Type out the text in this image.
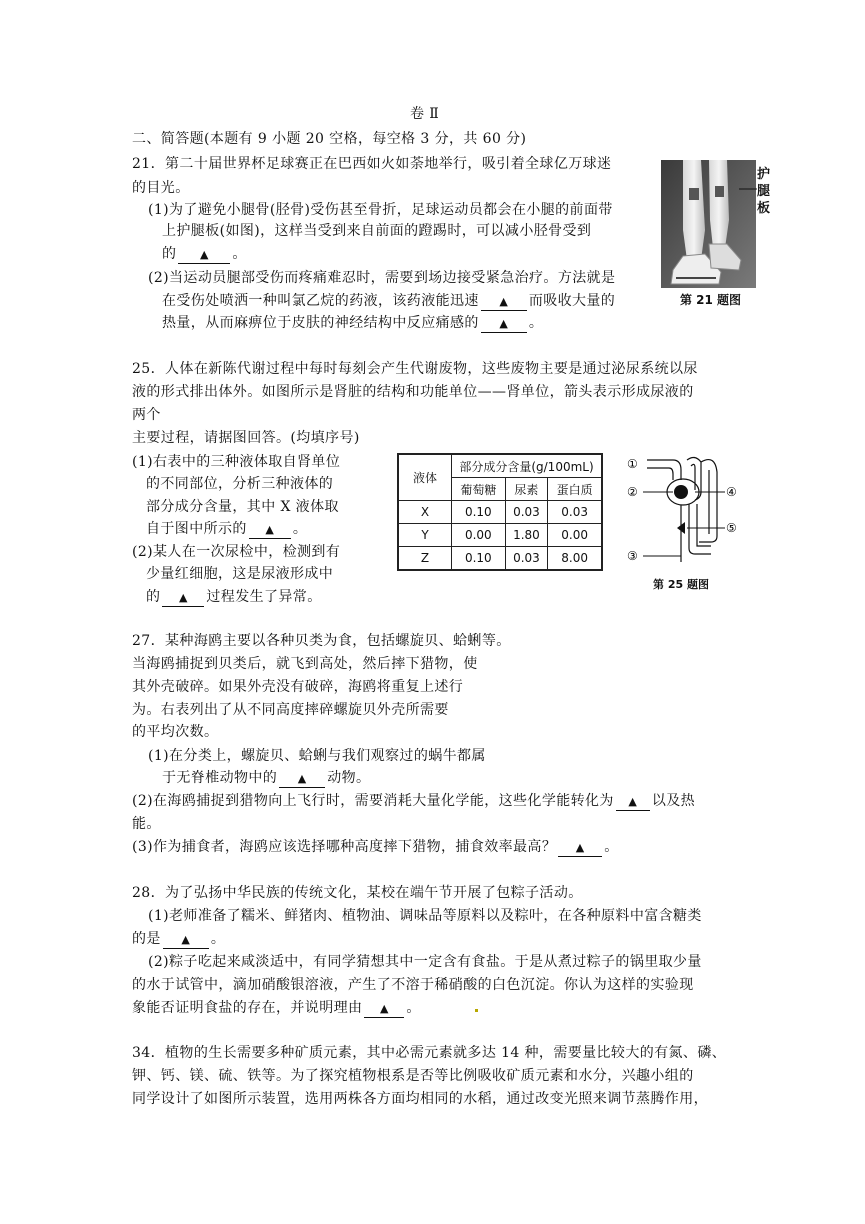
卷 Ⅱ
二、简答题(本题有 9 小题 20 空格，每空格 3 分，共 60 分)
21．第二十届世界杯足球赛正在巴西如火如荼地举行，吸引着全球亿万球迷
的目光。
(1)为了避免小腿骨(胫骨)受伤甚至骨折，足球运动员都会在小腿的前面带
上护腿板(如图)，这样当受到来自前面的蹬踢时，可以减小胫骨受到
的 ▲ 。
(2)当运动员腿部受伤而疼痛难忍时，需要到场边接受紧急治疗。方法就是
在受伤处喷洒一种叫氯乙烷的药液，该药液能迅速 ▲ 而吸收大量的
热量，从而麻痹位于皮肤的神经结构中反应痛感的 ▲ 。
护腿板
第 21 题图
25．人体在新陈代谢过程中每时每刻会产生代谢废物，这些废物主要是通过泌尿系统以尿
液的形式排出体外。如图所示是肾脏的结构和功能单位——肾单位，箭头表示形成尿液的
两个
主要过程，请据图回答。(均填序号)
(1)右表中的三种液体取自肾单位
的不同部位，分析三种液体的
部分成分含量，其中 X 液体取
自于图中所示的 ▲ 。
(2)某人在一次尿检中，检测到有
少量红细胞，这是尿液形成中
的 ▲ 过程发生了异常。
液体	部分成分含量(g/100mL)		
	葡萄糖	尿素	蛋白质
X	0.10	0.03	0.03
Y	0.00	1.80	0.00
Z	0.10	0.03	8.00
①
②	④
⑤
③
第 25 题图
27．某种海鸥主要以各种贝类为食，包括螺旋贝、蛤蜊等。
当海鸥捕捉到贝类后，就飞到高处，然后摔下猎物，使
其外壳破碎。如果外壳没有破碎，海鸥将重复上述行
为。右表列出了从不同高度摔碎螺旋贝外壳所需要
的平均次数。
(1)在分类上，螺旋贝、蛤蜊与我们观察过的蜗牛都属
于无脊椎动物中的 ▲ 动物。
(2)在海鸥捕捉到猎物向上飞行时，需要消耗大量化学能，这些化学能转化为 ▲ 以及热
能。
(3)作为捕食者，海鸥应该选择哪种高度摔下猎物，捕食效率最高？ ▲ 。
28．为了弘扬中华民族的传统文化，某校在端午节开展了包粽子活动。
(1)老师准备了糯米、鲜猪肉、植物油、调味品等原料以及粽叶，在各种原料中富含糖类
的是 ▲ 。
(2)粽子吃起来咸淡适中，有同学猜想其中一定含有食盐。于是从煮过粽子的锅里取少量
的水于试管中，滴加硝酸银溶液，产生了不溶于稀硝酸的白色沉淀。你认为这样的实验现
象能否证明食盐的存在，并说明理由 ▲ 。
34．植物的生长需要多种矿质元素，其中必需元素就多达 14 种，需要量比较大的有氮、磷、
钾、钙、镁、硫、铁等。为了探究植物根系是否等比例吸收矿质元素和水分，兴趣小组的
同学设计了如图所示装置，选用两株各方面均相同的水稻，通过改变光照来调节蒸腾作用，
